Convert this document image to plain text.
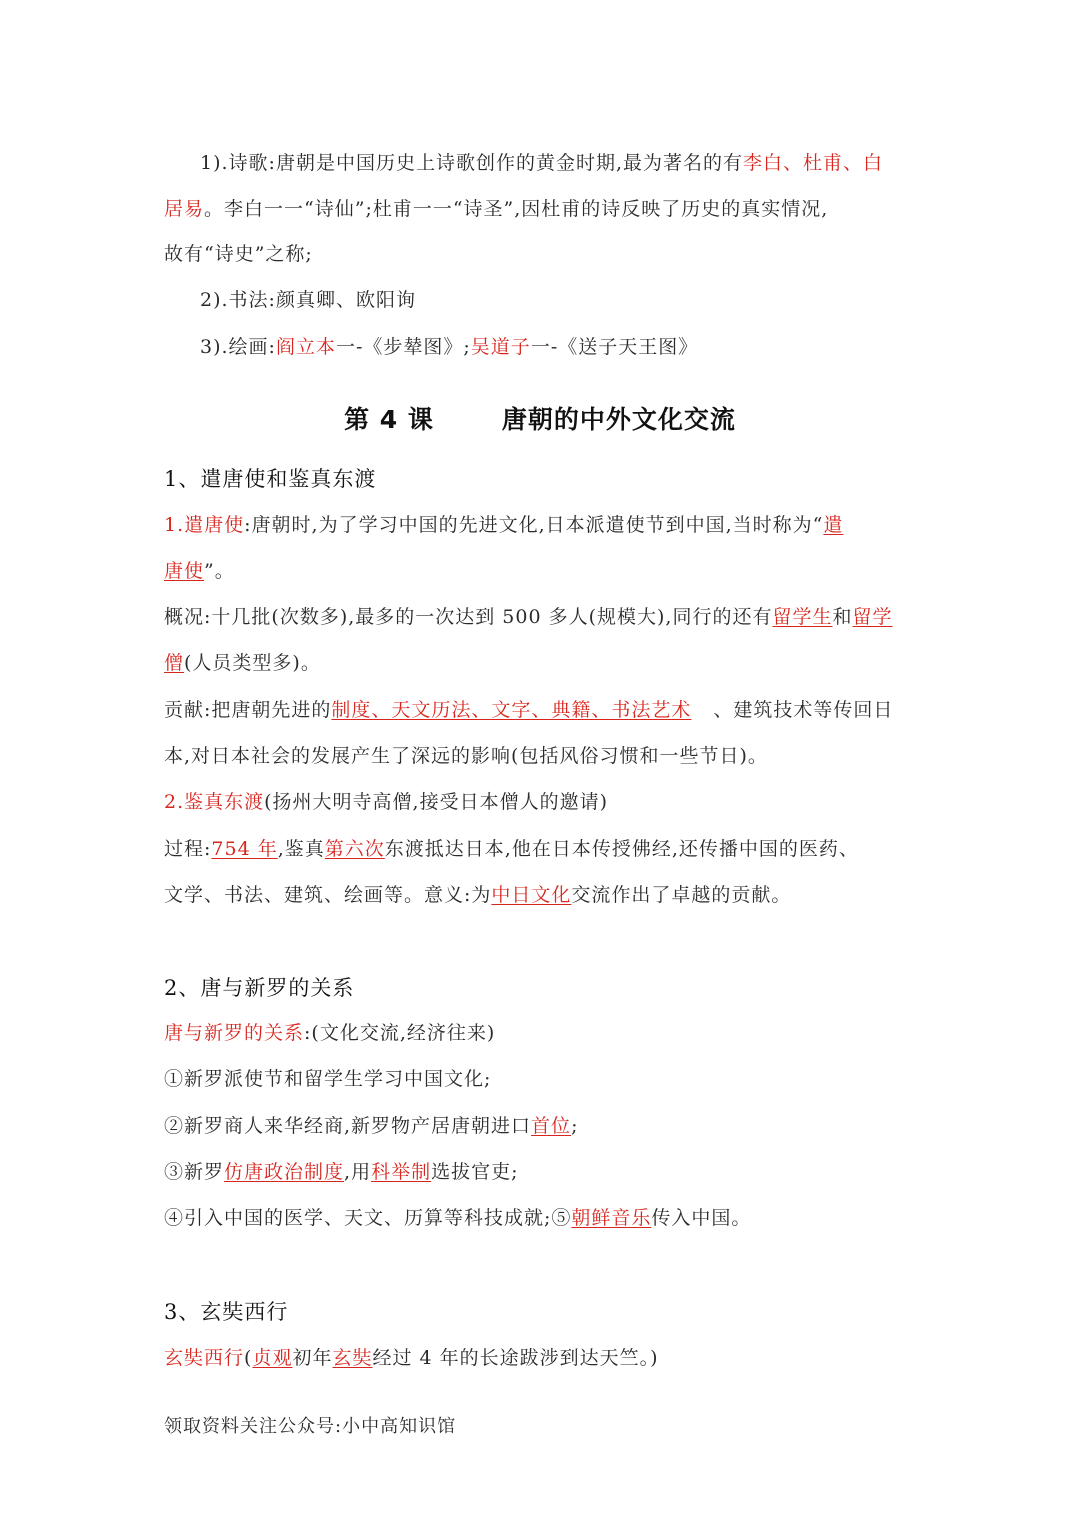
1).诗歌:唐朝是中国历史上诗歌创作的黄金时期,最为著名的有李白、杜甫、白
居易。李白一一“诗仙”;杜甫一一“诗圣”,因杜甫的诗反映了历史的真实情况,
故有“诗史”之称;
2).书法:颜真卿、欧阳询
3).绘画:阎立本一-《步辇图》;吴道子一-《送子天王图》
第 4 课	唐朝的中外文化交流
1、遣唐使和鉴真东渡
1.遣唐使:唐朝时,为了学习中国的先进文化,日本派遣使节到中国,当时称为“遣
唐使”。
概况:十几批(次数多),最多的一次达到 500 多人(规模大),同行的还有留学生和留学
僧(人员类型多)。
贡献:把唐朝先进的制度、天文历法、文字、典籍、书法艺术 、建筑技术等传回日
本,对日本社会的发展产生了深远的影响(包括风俗习惯和一些节日)。
2.鉴真东渡(扬州大明寺高僧,接受日本僧人的邀请)
过程:754 年,鉴真第六次东渡抵达日本,他在日本传授佛经,还传播中国的医药、
文学、书法、建筑、绘画等。意义:为中日文化交流作出了卓越的贡献。
2、唐与新罗的关系
唐与新罗的关系:(文化交流,经济往来)
①新罗派使节和留学生学习中国文化;
②新罗商人来华经商,新罗物产居唐朝进口首位;
③新罗仿唐政治制度,用科举制选拔官吏;
④引入中国的医学、天文、历算等科技成就;⑤朝鲜音乐传入中国。
3、玄奘西行
玄奘西行(贞观初年玄奘经过 4 年的长途跋涉到达天竺。)
领取资料关注公众号:小中高知识馆
